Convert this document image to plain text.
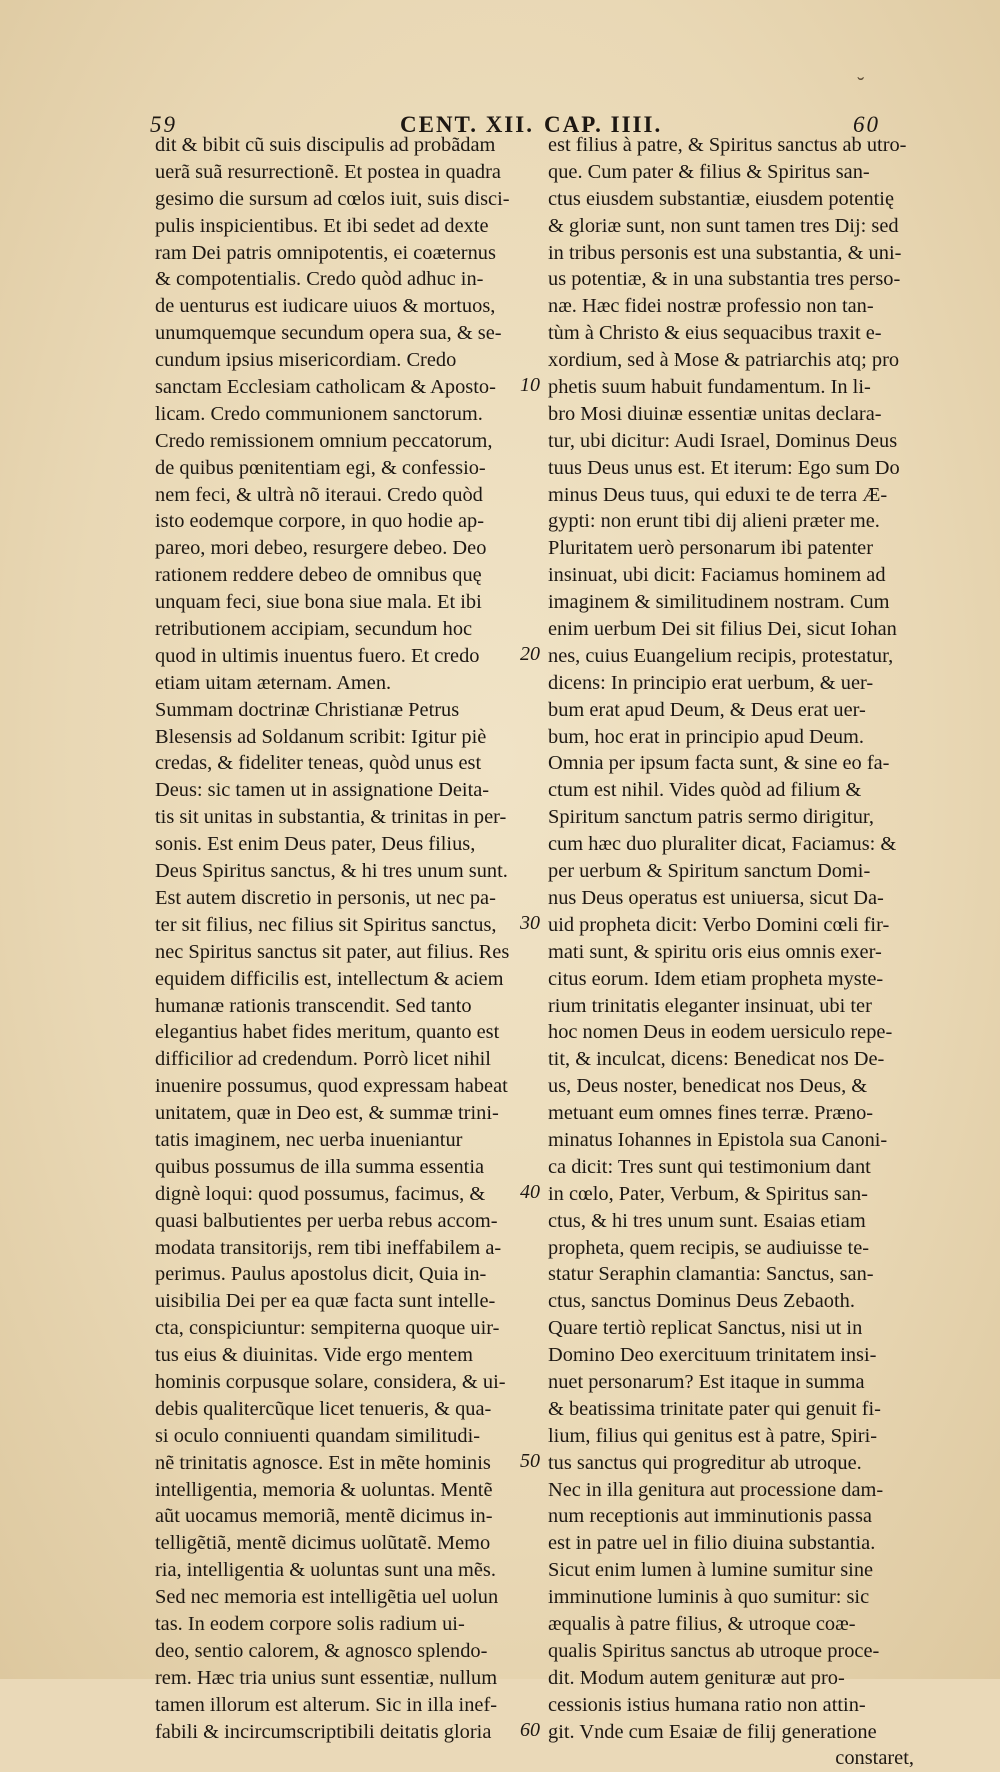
59	CENT. XII. CAP. IIII.	60
dit & bibit cũ suis discipulis ad probãdam
uerã suã resurrectionẽ. Et postea in quadra
gesimo die sursum ad cœlos iuit, suis disci-
pulis inspicientibus. Et ibi sedet ad dexte
ram Dei patris omnipotentis, ei coæternus
& compotentialis. Credo quòd adhuc in-
de uenturus est iudicare uiuos & mortuos,
unumquemque secundum opera sua, & se-
cundum ipsius misericordiam. Credo
sanctam Ecclesiam catholicam & Aposto-
licam. Credo communionem sanctorum.
Credo remissionem omnium peccatorum,
de quibus pœnitentiam egi, & confessio-
nem feci, & ultrà nõ iteraui. Credo quòd
isto eodemque corpore, in quo hodie ap-
pareo, mori debeo, resurgere debeo. Deo
rationem reddere debeo de omnibus quę
unquam feci, siue bona siue mala. Et ibi
retributionem accipiam, secundum hoc
quod in ultimis inuentus fuero. Et credo
etiam uitam æternam. Amen.
Summam doctrinæ Christianæ Petrus
Blesensis ad Soldanum scribit: Igitur piè
credas, & fideliter teneas, quòd unus est
Deus: sic tamen ut in assignatione Deita-
tis sit unitas in substantia, & trinitas in per-
sonis. Est enim Deus pater, Deus filius,
Deus Spiritus sanctus, & hi tres unum sunt.
Est autem discretio in personis, ut nec pa-
ter sit filius, nec filius sit Spiritus sanctus,
nec Spiritus sanctus sit pater, aut filius. Res
equidem difficilis est, intellectum & aciem
humanæ rationis transcendit. Sed tanto
elegantius habet fides meritum, quanto est
difficilior ad credendum. Porrò licet nihil
inuenire possumus, quod expressam habeat
unitatem, quæ in Deo est, & summæ trini-
tatis imaginem, nec uerba inueniantur
quibus possumus de illa summa essentia
dignè loqui: quod possumus, facimus, &
quasi balbutientes per uerba rebus accom-
modata transitorijs, rem tibi ineffabilem a-
perimus. Paulus apostolus dicit, Quia in-
uisibilia Dei per ea quæ facta sunt intelle-
cta, conspiciuntur: sempiterna quoque uir-
tus eius & diuinitas. Vide ergo mentem
hominis corpusque solare, considera, & ui-
debis qualitercũque licet tenueris, & qua-
si oculo conniuenti quandam similitudi-
nẽ trinitatis agnosce. Est in mẽte hominis
intelligentia, memoria & uoluntas. Mentẽ
aũt uocamus memoriã, mentẽ dicimus in-
telligẽtiã, mentẽ dicimus uolũtatẽ. Memo
ria, intelligentia & uoluntas sunt una mẽs.
Sed nec memoria est intelligẽtia uel uolun
tas. In eodem corpore solis radium ui-
deo, sentio calorem, & agnosco splendo-
rem. Hæc tria unius sunt essentiæ, nullum
tamen illorum est alterum. Sic in illa inef-
fabili & incircumscriptibili deitatis gloria
est filius à patre, & Spiritus sanctus ab utro-
que. Cum pater & filius & Spiritus san-
ctus eiusdem substantiæ, eiusdem potentię
& gloriæ sunt, non sunt tamen tres Dij: sed
in tribus personis est una substantia, & uni-
us potentiæ, & in una substantia tres perso-
næ. Hæc fidei nostræ professio non tan-
tùm à Christo & eius sequacibus traxit e-
xordium, sed à Mose & patriarchis atq; pro
phetis suum habuit fundamentum. In li-
bro Mosi diuinæ essentiæ unitas declara-
tur, ubi dicitur: Audi Israel, Dominus Deus
tuus Deus unus est. Et iterum: Ego sum Do
minus Deus tuus, qui eduxi te de terra Æ-
gypti: non erunt tibi dij alieni præter me.
Pluritatem uerò personarum ibi patenter
insinuat, ubi dicit: Faciamus hominem ad
imaginem & similitudinem nostram. Cum
enim uerbum Dei sit filius Dei, sicut Iohan
nes, cuius Euangelium recipis, protestatur,
dicens: In principio erat uerbum, & uer-
bum erat apud Deum, & Deus erat uer-
bum, hoc erat in principio apud Deum.
Omnia per ipsum facta sunt, & sine eo fa-
ctum est nihil. Vides quòd ad filium &
Spiritum sanctum patris sermo dirigitur,
cum hæc duo pluraliter dicat, Faciamus: &
per uerbum & Spiritum sanctum Domi-
nus Deus operatus est uniuersa, sicut Da-
uid propheta dicit: Verbo Domini cœli fir-
mati sunt, & spiritu oris eius omnis exer-
citus eorum. Idem etiam propheta myste-
rium trinitatis eleganter insinuat, ubi ter
hoc nomen Deus in eodem uersiculo repe-
tit, & inculcat, dicens: Benedicat nos De-
us, Deus noster, benedicat nos Deus, &
metuant eum omnes fines terræ. Præno-
minatus Iohannes in Epistola sua Canoni-
ca dicit: Tres sunt qui testimonium dant
in cœlo, Pater, Verbum, & Spiritus san-
ctus, & hi tres unum sunt. Esaias etiam
propheta, quem recipis, se audiuisse te-
statur Seraphin clamantia: Sanctus, san-
ctus, sanctus Dominus Deus Zebaoth.
Quare tertiò replicat Sanctus, nisi ut in
Domino Deo exercituum trinitatem insi-
nuet personarum? Est itaque in summa
& beatissima trinitate pater qui genuit fi-
lium, filius qui genitus est à patre, Spiri-
tus sanctus qui progreditur ab utroque.
Nec in illa genitura aut processione dam-
num receptionis aut imminutionis passa
est in patre uel in filio diuina substantia.
Sicut enim lumen à lumine sumitur sine
imminutione luminis à quo sumitur: sic
æqualis à patre filius, & utroque coæ-
qualis Spiritus sanctus ab utroque proce-
dit. Modum autem genituræ aut pro-
cessionis istius humana ratio non attin-
git. Vnde cum Esaiæ de filij generatione
constaret,
10
20
30
40
50
60
˘
